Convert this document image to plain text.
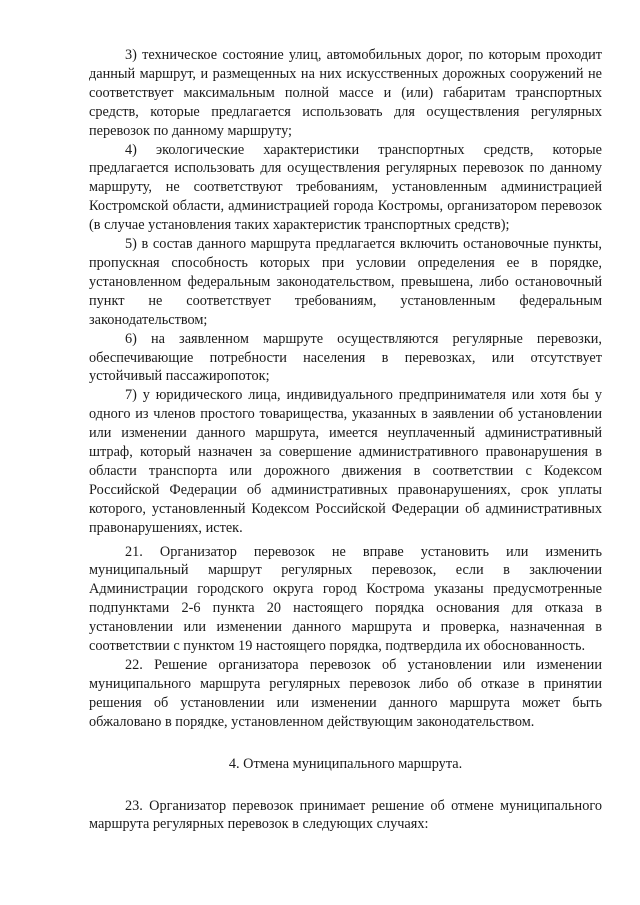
3) техническое состояние улиц, автомобильных дорог, по которым проходит данный маршрут, и размещенных на них искусственных дорожных сооружений не соответствует максимальным полной массе и (или) габаритам транспортных средств, которые предлагается использовать для осуществления регулярных перевозок по данному маршруту;

4) экологические характеристики транспортных средств, которые предлагается использовать для осуществления регулярных перевозок по данному маршруту, не соответствуют требованиям, установленным администрацией Костромской области, администрацией города Костромы, организатором перевозок (в случае установления таких характеристик транспортных средств);

5) в состав данного маршрута предлагается включить остановочные пункты, пропускная способность которых при условии определения ее в порядке, установленном федеральным законодательством, превышена, либо остановочный пункт не соответствует требованиям, установленным федеральным законодательством;

6) на заявленном маршруте осуществляются регулярные перевозки, обеспечивающие потребности населения в перевозках, или отсутствует устойчивый пассажиропоток;

7) у юридического лица, индивидуального предпринимателя или хотя бы у одного из членов простого товарищества, указанных в заявлении об установлении или изменении данного маршрута, имеется неуплаченный административный штраф, который назначен за совершение административного правонарушения в области транспорта или дорожного движения в соответствии с Кодексом Российской Федерации об административных правонарушениях, срок уплаты которого, установленный Кодексом Российской Федерации об административных правонарушениях, истек.

21. Организатор перевозок не вправе установить или изменить муниципальный маршрут регулярных перевозок, если в заключении Администрации городского округа город Кострома указаны предусмотренные подпунктами 2-6 пункта 20 настоящего порядка основания для отказа в установлении или изменении данного маршрута и проверка, назначенная в соответствии с пунктом 19 настоящего порядка, подтвердила их обоснованность.

22. Решение организатора перевозок об установлении или изменении муниципального маршрута регулярных перевозок либо об отказе в принятии решения об установлении или изменении данного маршрута может быть обжаловано в порядке, установленном действующим законодательством.

4. Отмена муниципального маршрута.

23. Организатор перевозок принимает решение об отмене муниципального маршрута регулярных перевозок в следующих случаях:
